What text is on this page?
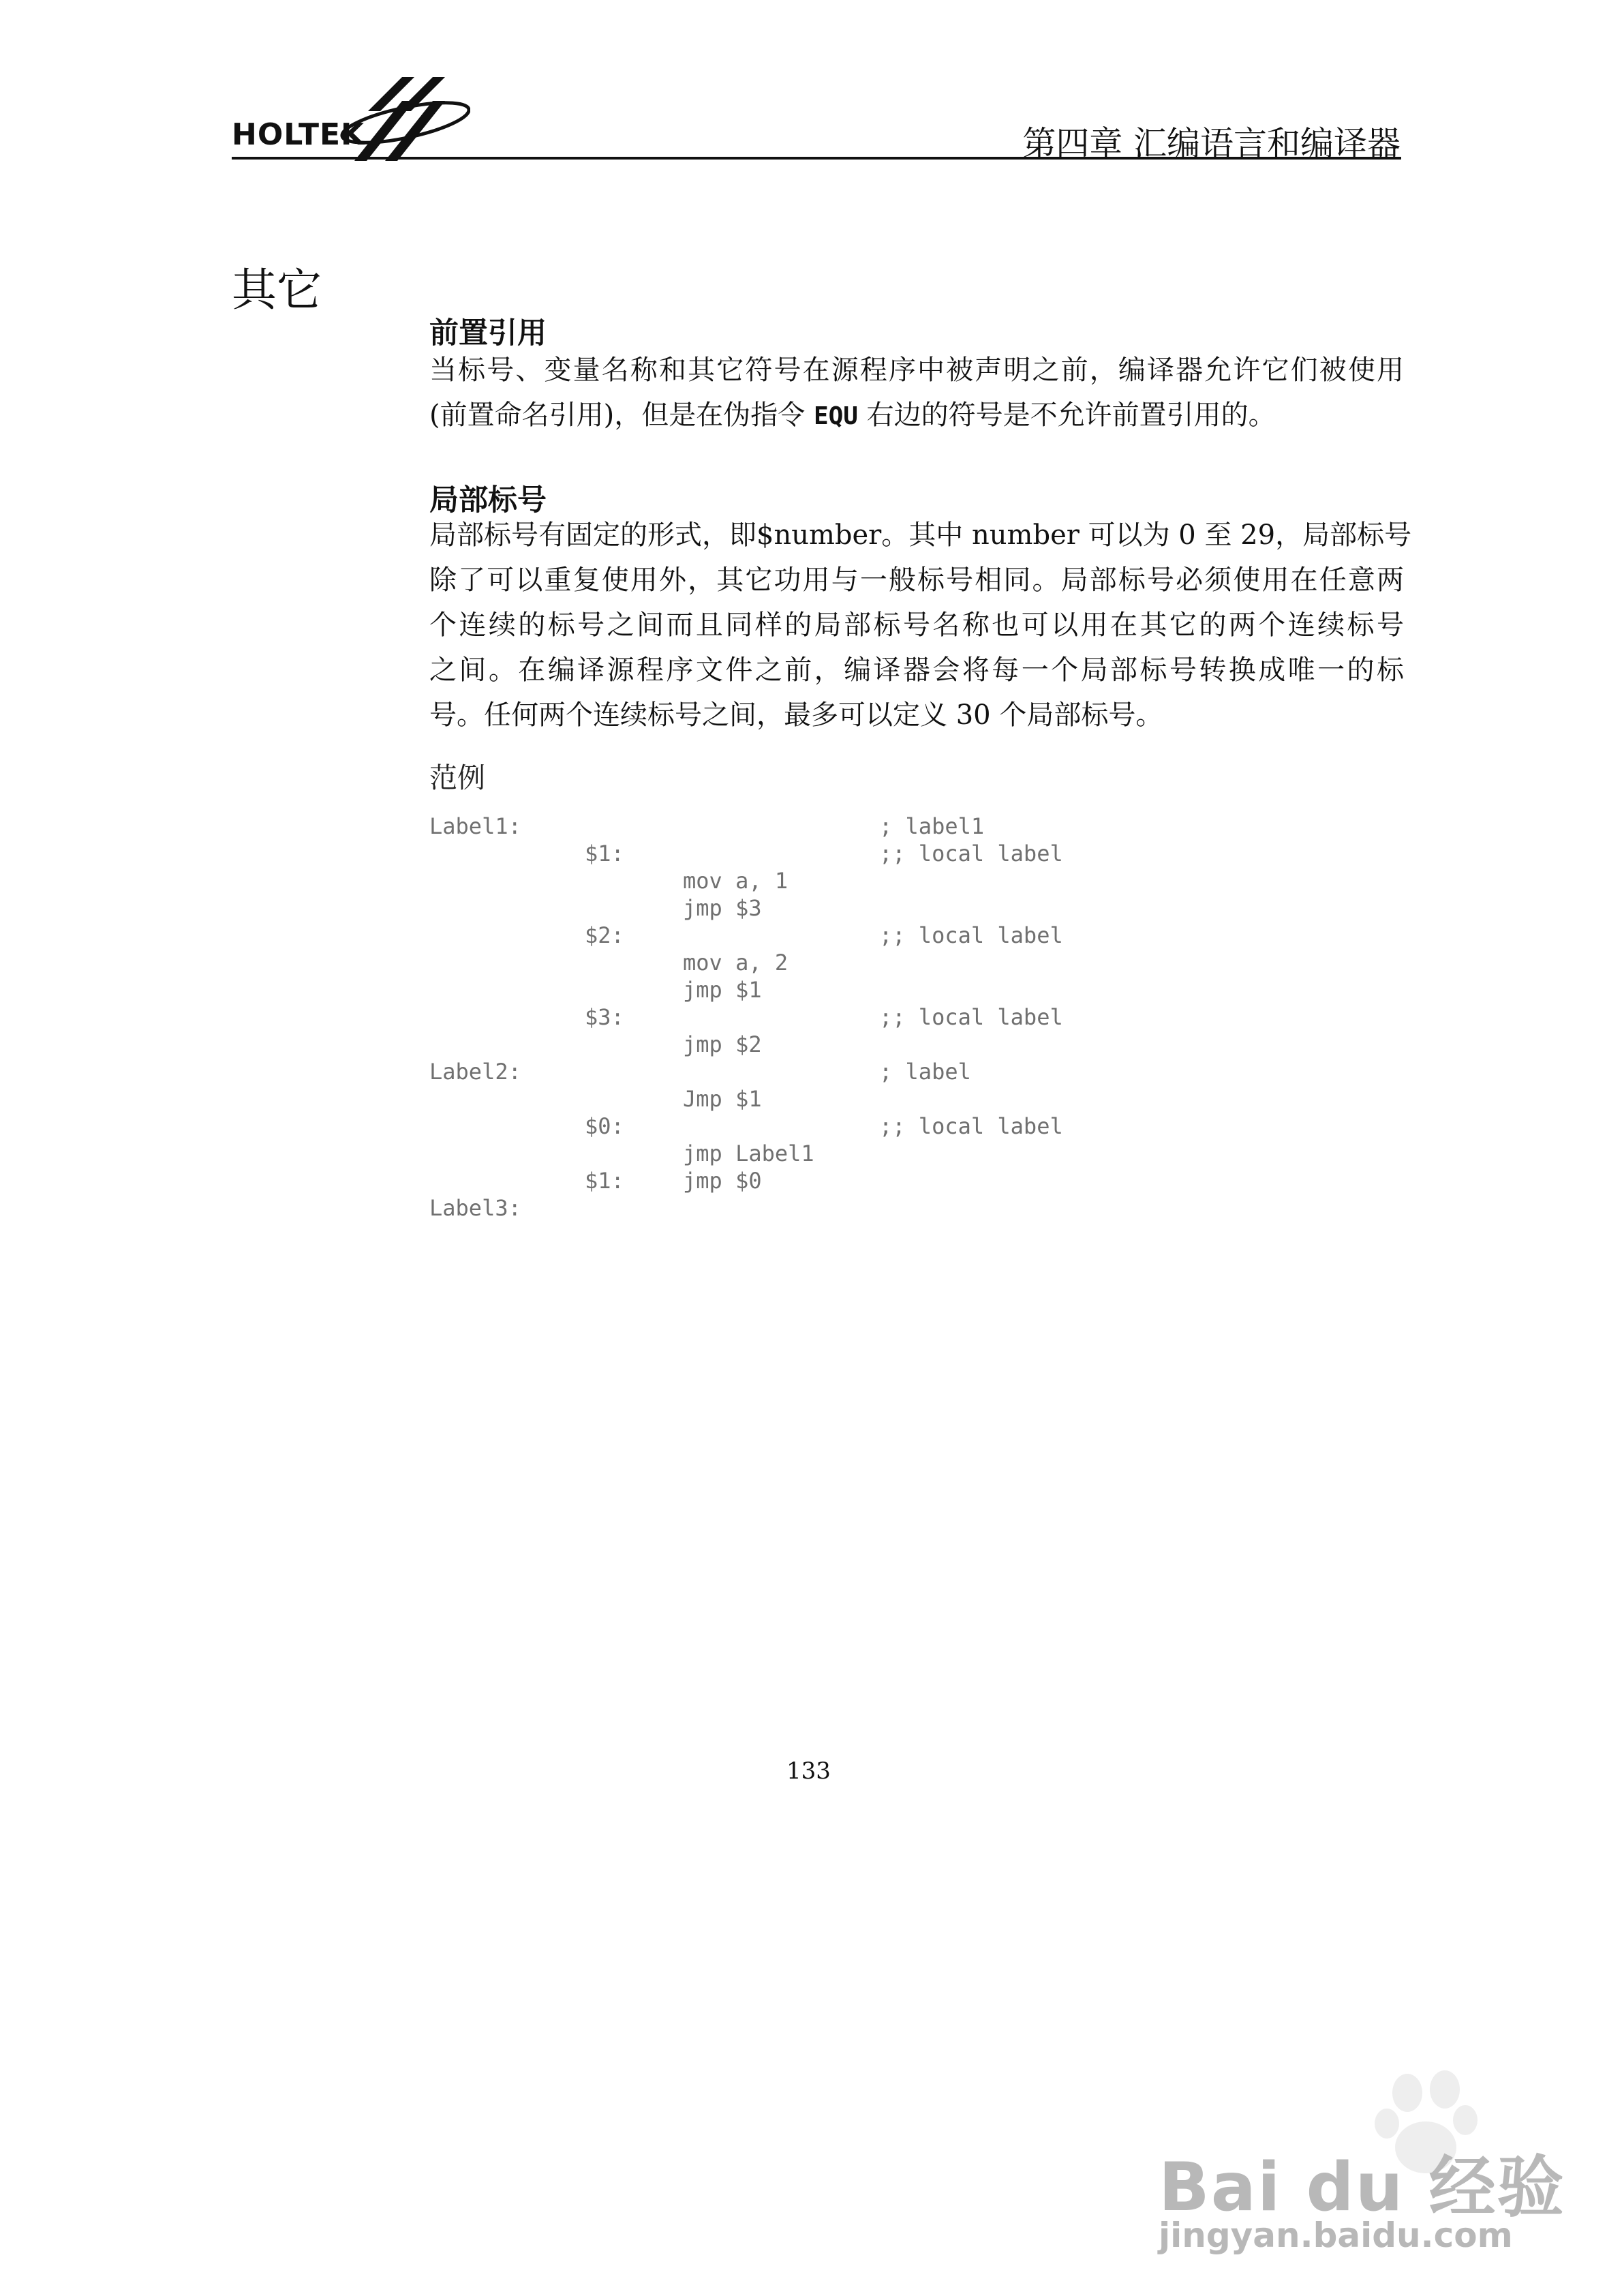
HOLTEK	第四章 汇编语言和编译器
其它
前置引用
当标号、变量名称和其它符号在源程序中被声明之前，编译器允许它们被使用
(前置命名引用)，但是在伪指令 EQU 右边的符号是不允许前置引用的。
局部标号
局部标号有固定的形式，即$number。其中 number 可以为 0 至 29，局部标号
除了可以重复使用外，其它功用与一般标号相同。局部标号必须使用在任意两
个连续的标号之间而且同样的局部标号名称也可以用在其它的两个连续标号
之间。在编译源程序文件之前，编译器会将每一个局部标号转换成唯一的标
号。任何两个连续标号之间，最多可以定义 30 个局部标号。
范例
Label1:	; label1
$1:	;; local label
mov a, 1
jmp $3
$2:	;; local label
mov a, 2
jmp $1
$3:	;; local label
jmp $2
Label2:	; label
Jmp $1
$0:	;; local label
jmp Label1
$1:	jmp $0
Label3:
133
Bai du 经验
jingyan.baidu.com
